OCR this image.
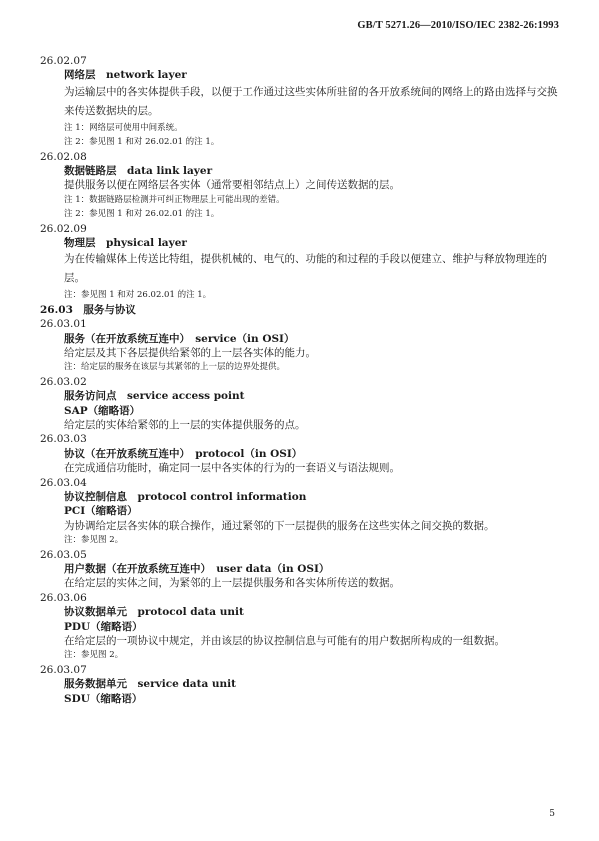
GB/T 5271.26—2010/ISO/IEC 2382-26:1993
26.02.07
网络层　network layer
为运输层中的各实体提供手段，以便于工作通过这些实体所驻留的各开放系统间的网络上的路由选择与交换来传送数据块的层。
注 1：网络层可使用中间系统。
注 2：参见图 1 和对 26.02.01 的注 1。
26.02.08
数据链路层　data link layer
提供服务以便在网络层各实体（通常要相邻结点上）之间传送数据的层。
注 1：数据链路层检测并可纠正物理层上可能出现的差错。
注 2：参见图 1 和对 26.02.01 的注 1。
26.02.09
物理层　physical layer
为在传输媒体上传送比特组，提供机械的、电气的、功能的和过程的手段以便建立、维护与释放物理连的层。
注：参见图 1 和对 26.02.01 的注 1。
26.03　服务与协议
26.03.01
服务（在开放系统互连中）　service（in OSI）
给定层及其下各层提供给紧邻的上一层各实体的能力。
注：给定层的服务在该层与其紧邻的上一层的边界处提供。
26.03.02
服务访问点　service access point
SAP（缩略语）
给定层的实体给紧邻的上一层的实体提供服务的点。
26.03.03
协议（在开放系统互连中）　protocol（in OSI）
在完成通信功能时，确定同一层中各实体的行为的一套语义与语法规则。
26.03.04
协议控制信息　protocol control information
PCI（缩略语）
为协调给定层各实体的联合操作，通过紧邻的下一层提供的服务在这些实体之间交换的数据。
注：参见图 2。
26.03.05
用户数据（在开放系统互连中）　user data（in OSI）
在给定层的实体之间，为紧邻的上一层提供服务和各实体所传送的数据。
26.03.06
协议数据单元　protocol data unit
PDU（缩略语）
在给定层的一项协议中规定，并由该层的协议控制信息与可能有的用户数据所构成的一组数据。
注：参见图 2。
26.03.07
服务数据单元　service data unit
SDU（缩略语）
5
